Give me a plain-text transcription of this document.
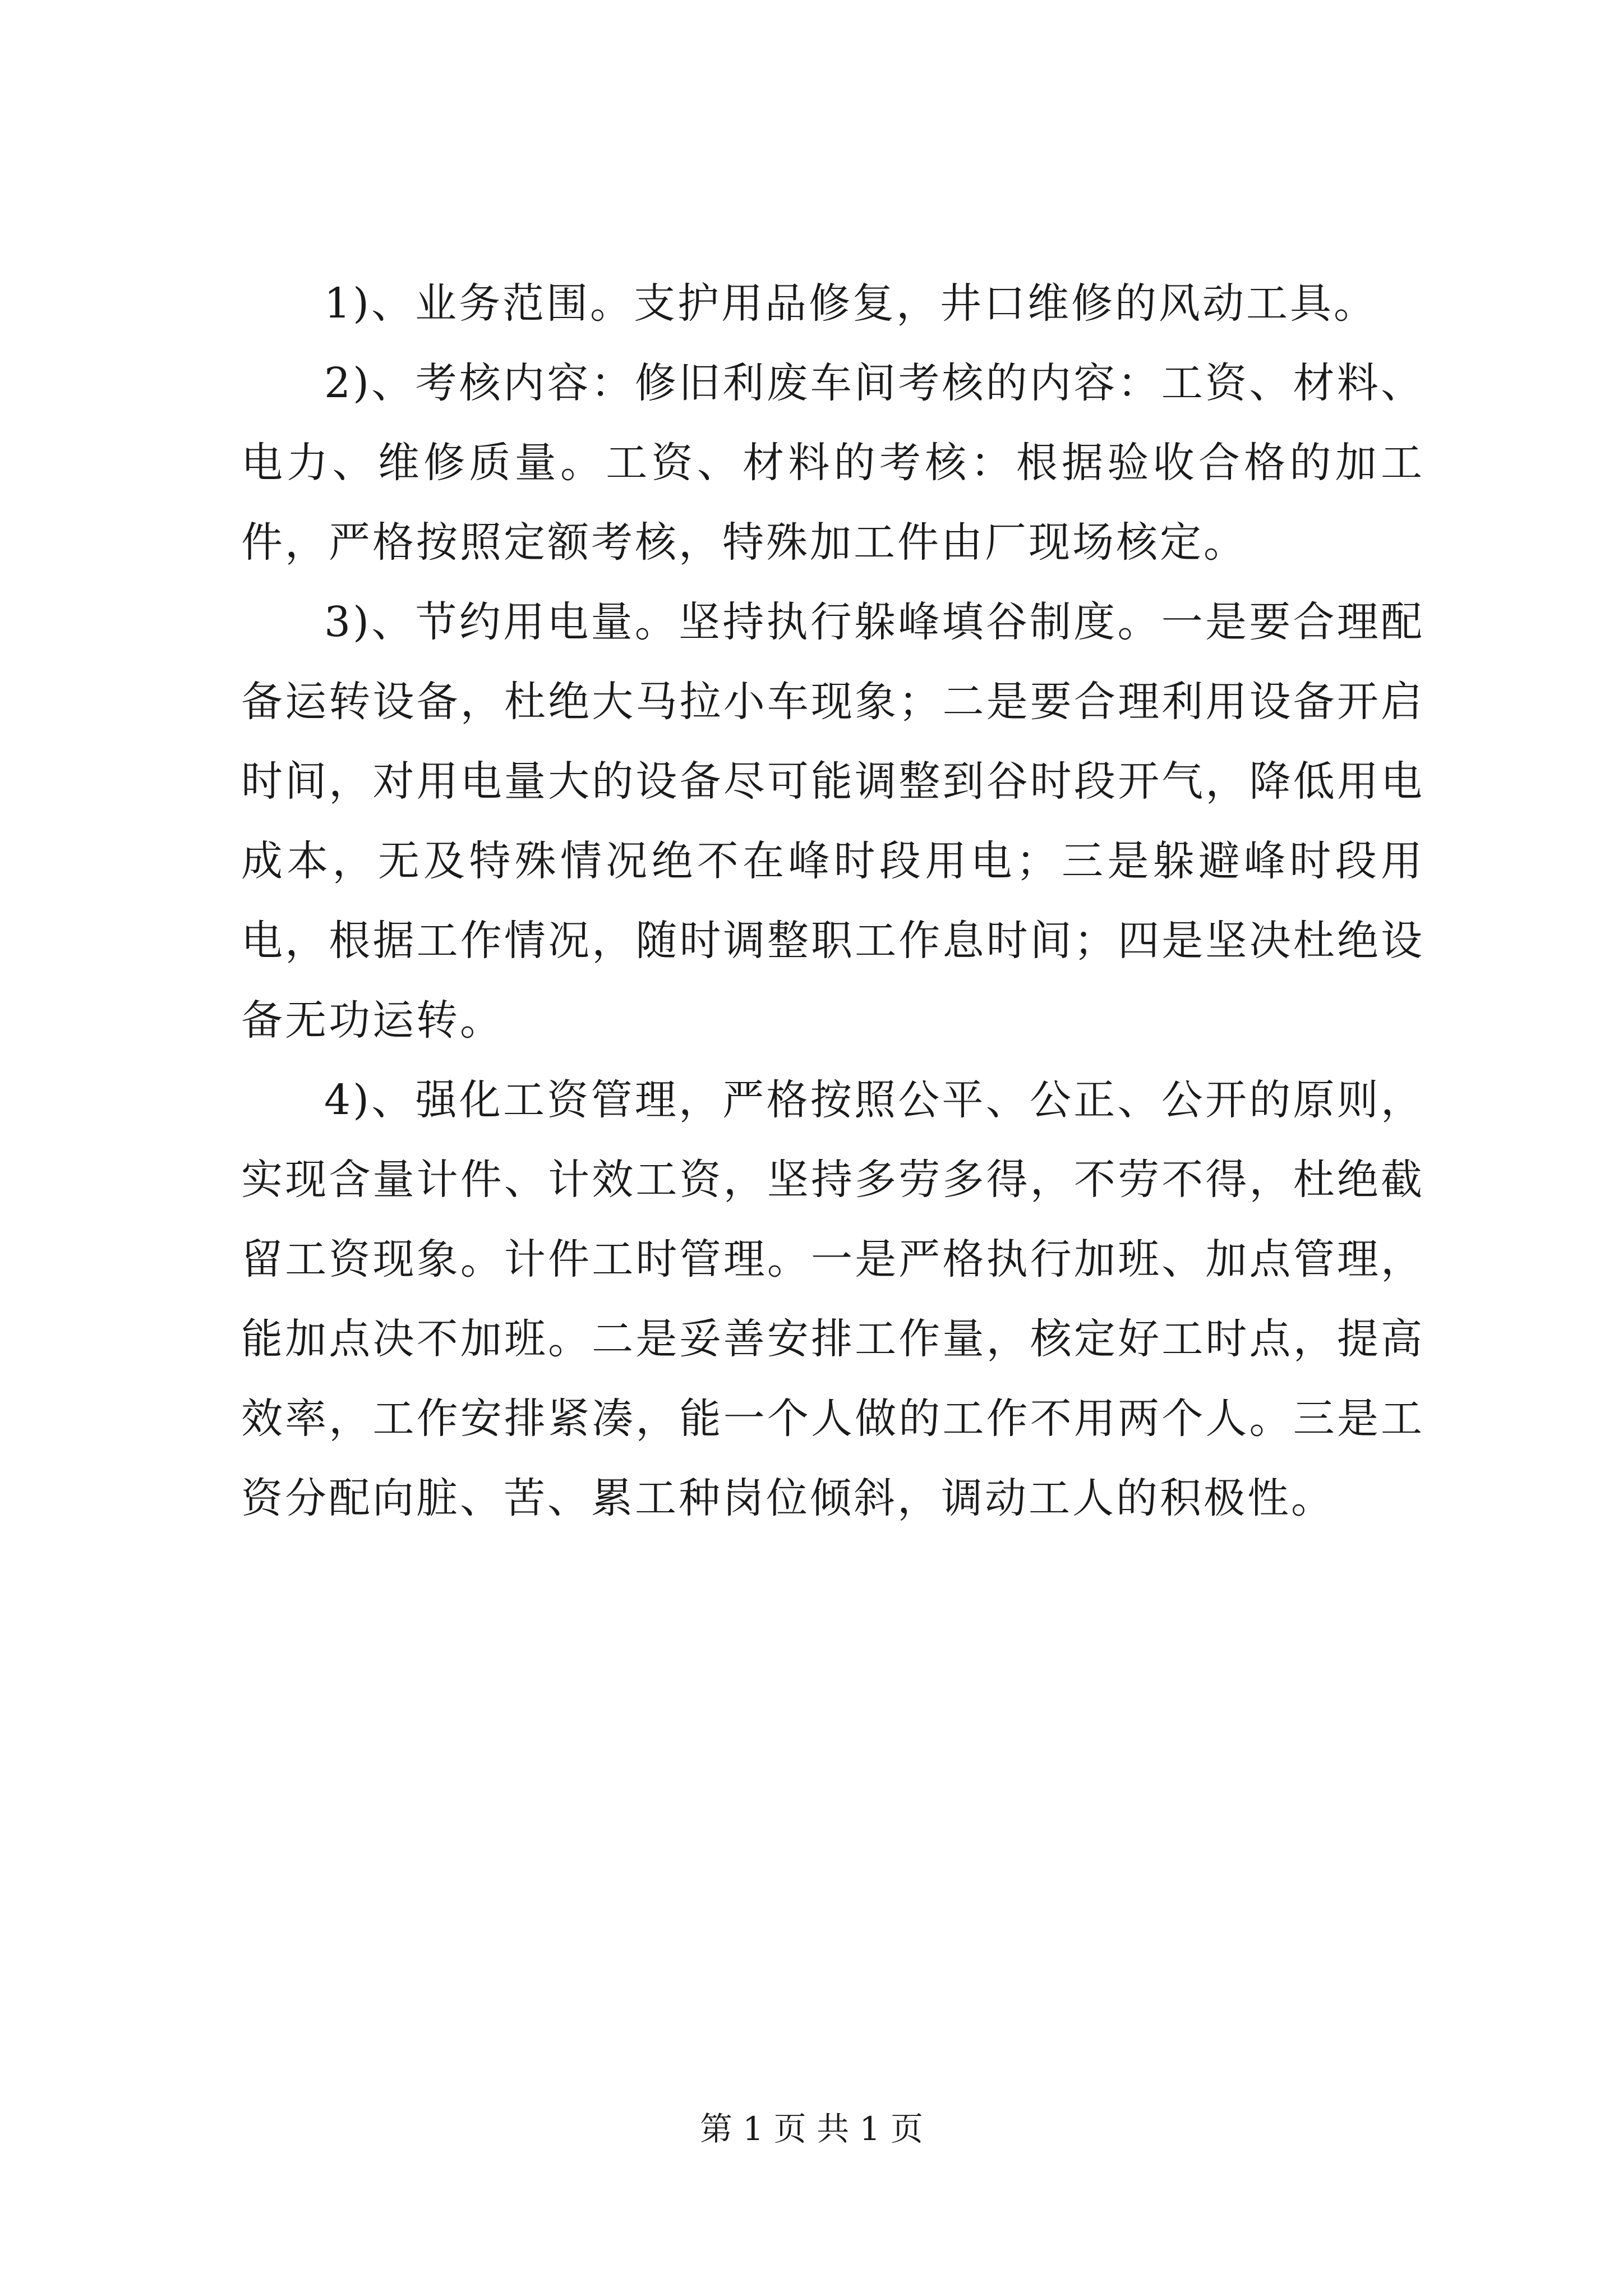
1)、业务范围。支护用品修复，井口维修的风动工具。

2)、考核内容：修旧利废车间考核的内容：工资、材料、电力、维修质量。工资、材料的考核：根据验收合格的加工件，严格按照定额考核，特殊加工件由厂现场核定。

3)、节约用电量。坚持执行躲峰填谷制度。一是要合理配备运转设备，杜绝大马拉小车现象；二是要合理利用设备开启时间，对用电量大的设备尽可能调整到谷时段开气，降低用电成本，无及特殊情况绝不在峰时段用电；三是躲避峰时段用电，根据工作情况，随时调整职工作息时间；四是坚决杜绝设备无功运转。

4)、强化工资管理，严格按照公平、公正、公开的原则，实现含量计件、计效工资，坚持多劳多得，不劳不得，杜绝截留工资现象。计件工时管理。一是严格执行加班、加点管理，能加点决不加班。二是妥善安排工作量，核定好工时点，提高效率，工作安排紧凑，能一个人做的工作不用两个人。三是工资分配向脏、苦、累工种岗位倾斜，调动工人的积极性。

第 1 页 共 1 页
